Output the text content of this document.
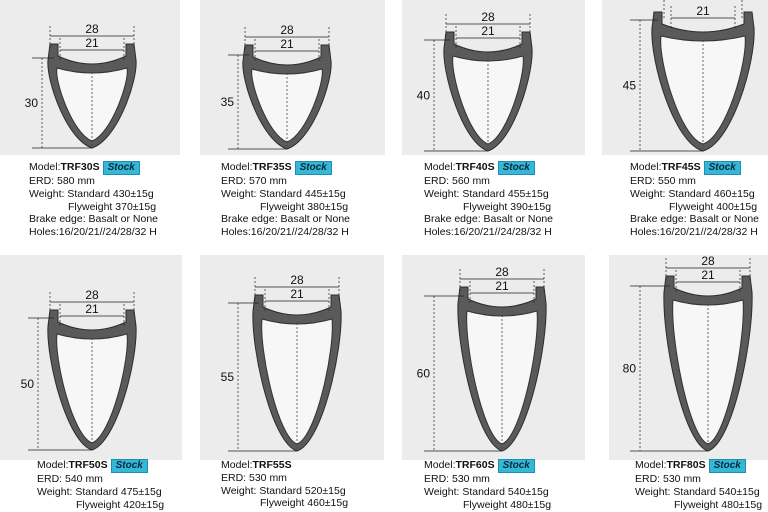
28
21
30
Model:TRF30S Stock
ERD: 580 mm
Weight: Standard 430±15g
Flyweight 370±15g
Brake edge: Basalt or None
Holes:16/20/21//24/28/32 H
28
21
35
Model:TRF35S Stock
ERD: 570 mm
Weight: Standard 445±15g
Flyweight 380±15g
Brake edge: Basalt or None
Holes:16/20/21//24/28/32 H
28
21
40
Model:TRF40S Stock
ERD: 560 mm
Weight: Standard 455±15g
Flyweight 390±15g
Brake edge: Basalt or None
Holes:16/20/21//24/28/32 H
21
45
Model:TRF45S Stock
ERD: 550 mm
Weight: Standard 460±15g
Flyweight 400±15g
Brake edge: Basalt or None
Holes:16/20/21//24/28/32 H
28
21
50
Model:TRF50S Stock
ERD: 540 mm
Weight: Standard 475±15g
Flyweight 420±15g
28
21
55
Model:TRF55S
ERD: 530 mm
Weight: Standard 520±15g
Flyweight 460±15g
28
21
60
Model:TRF60S Stock
ERD: 530 mm
Weight: Standard 540±15g
Flyweight 480±15g
28
21
80
Model:TRF80S Stock
ERD: 530 mm
Weight: Standard 540±15g
Flyweight 480±15g
